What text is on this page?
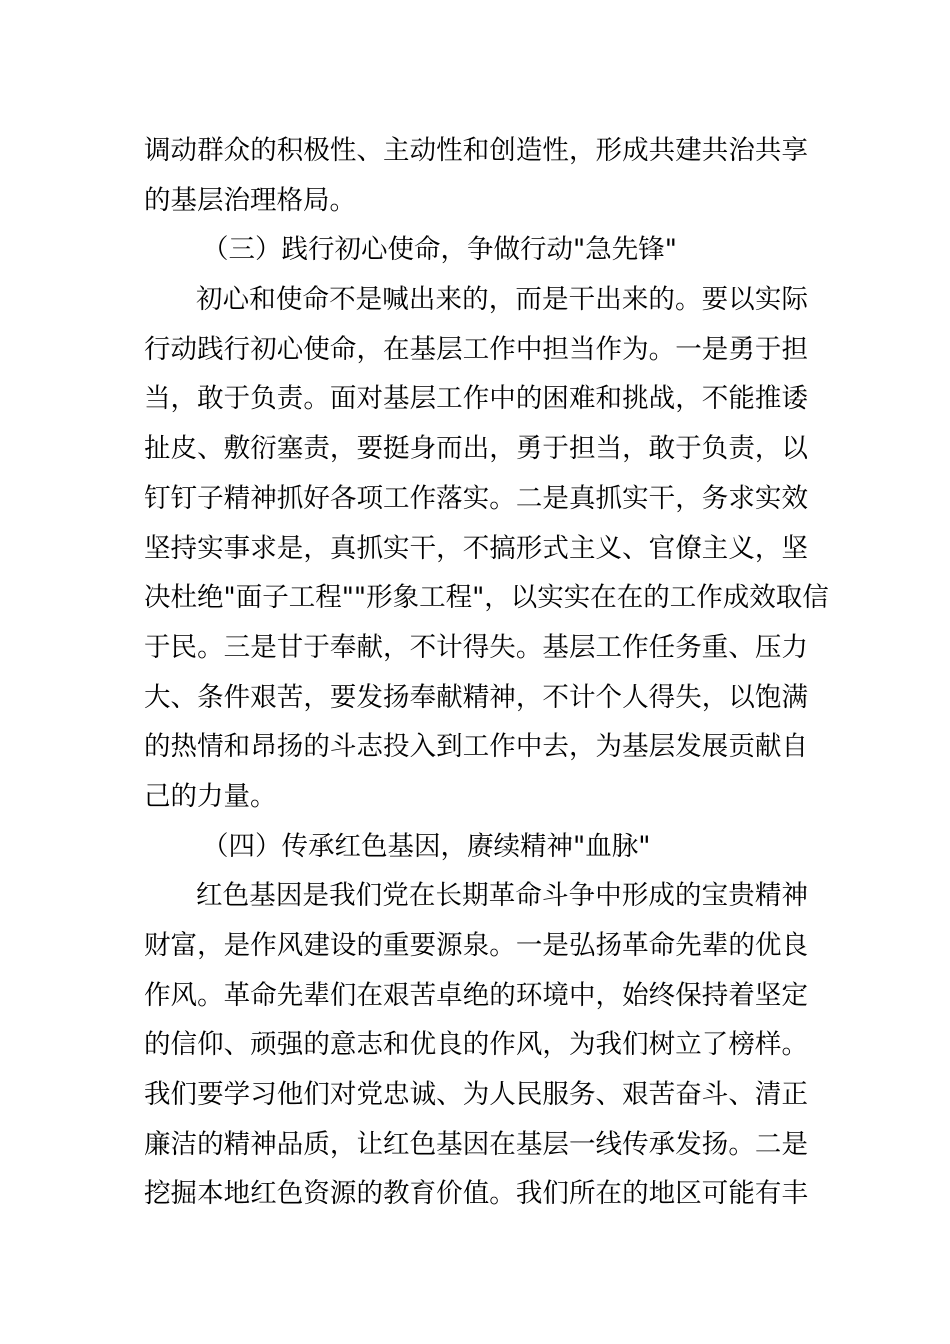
调动群众的积极性、主动性和创造性，形成共建共治共享
的基层治理格局。
（三）践行初心使命，争做行动"急先锋"
初心和使命不是喊出来的，而是干出来的。要以实际
行动践行初心使命，在基层工作中担当作为。一是勇于担
当，敢于负责。面对基层工作中的困难和挑战，不能推诿
扯皮、敷衍塞责，要挺身而出，勇于担当，敢于负责，以
钉钉子精神抓好各项工作落实。二是真抓实干，务求实效
坚持实事求是，真抓实干，不搞形式主义、官僚主义，坚
决杜绝"面子工程""形象工程"，以实实在在的工作成效取信
于民。三是甘于奉献，不计得失。基层工作任务重、压力
大、条件艰苦，要发扬奉献精神，不计个人得失，以饱满
的热情和昂扬的斗志投入到工作中去，为基层发展贡献自
己的力量。
（四）传承红色基因，赓续精神"血脉"
红色基因是我们党在长期革命斗争中形成的宝贵精神
财富，是作风建设的重要源泉。一是弘扬革命先辈的优良
作风。革命先辈们在艰苦卓绝的环境中，始终保持着坚定
的信仰、顽强的意志和优良的作风，为我们树立了榜样。
我们要学习他们对党忠诚、为人民服务、艰苦奋斗、清正
廉洁的精神品质，让红色基因在基层一线传承发扬。二是
挖掘本地红色资源的教育价值。我们所在的地区可能有丰
